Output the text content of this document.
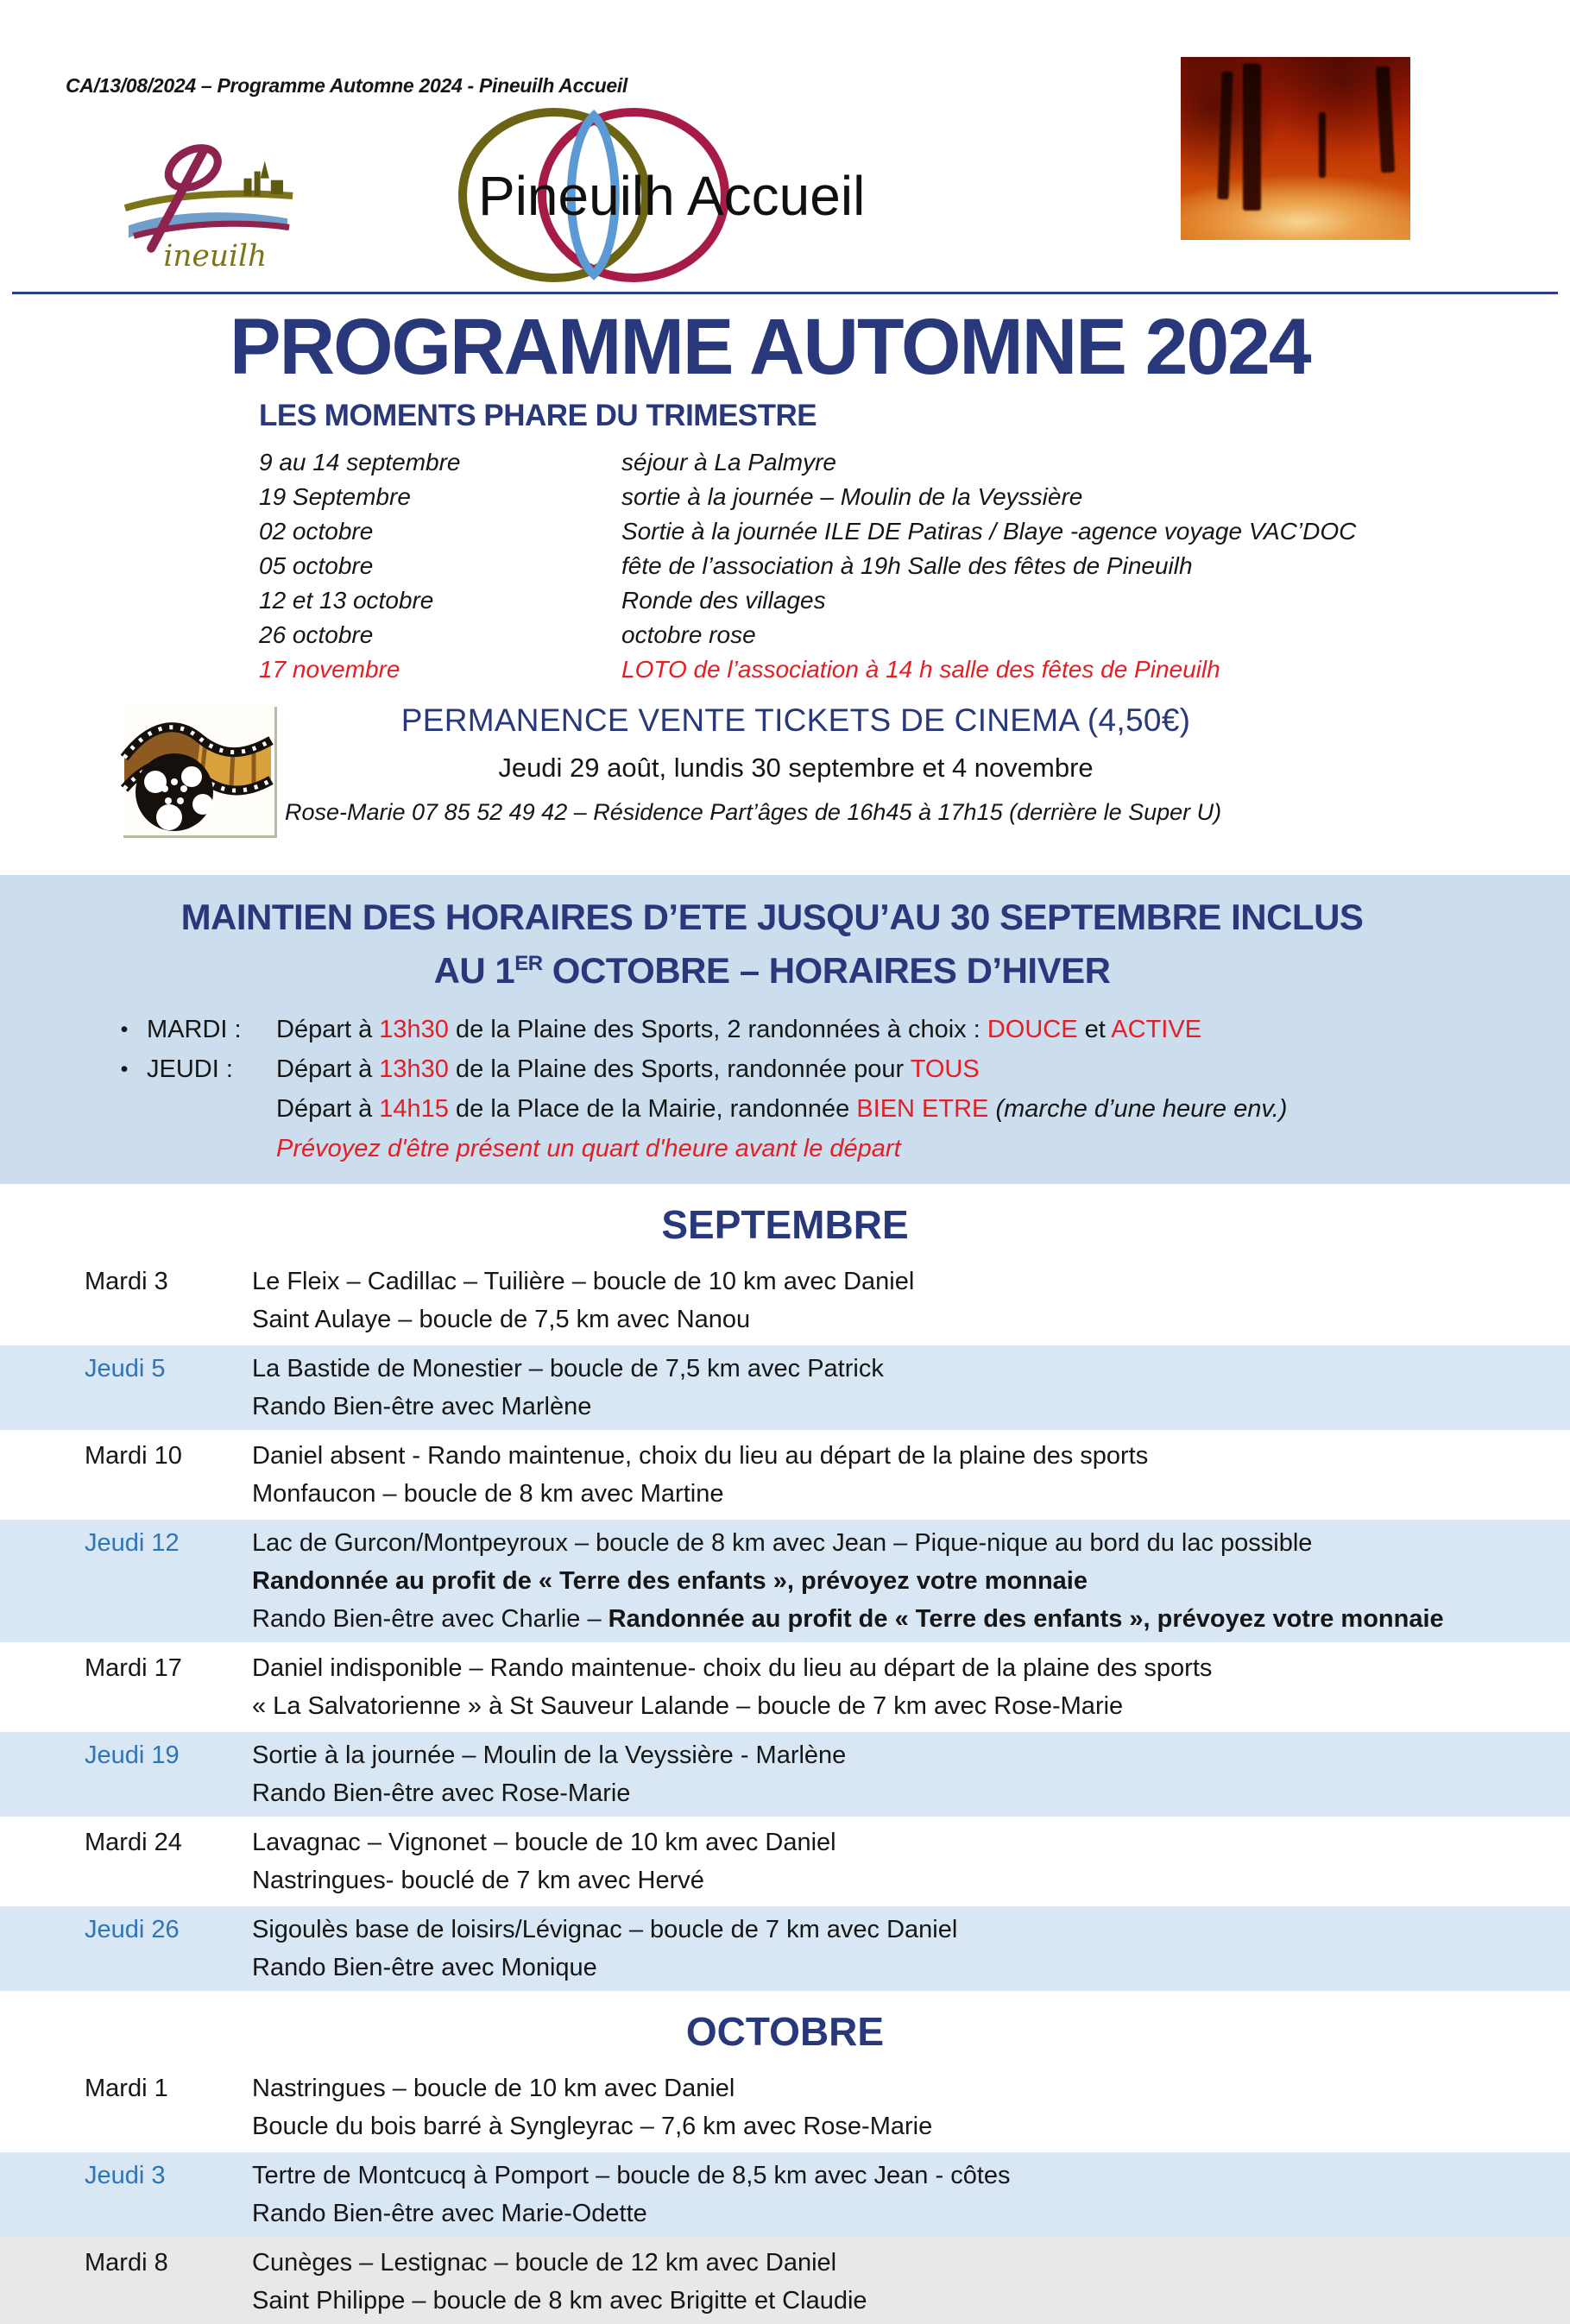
CA/13/08/2024 – Programme Automne 2024 - Pineuilh Accueil
ineuilh
Pineuilh Accueil
PROGRAMME AUTOMNE 2024
LES MOMENTS PHARE DU TRIMESTRE
9 au 14 septembre	séjour à La Palmyre
19 Septembre	sortie à la journée – Moulin de la Veyssière
02 octobre	Sortie à la journée ILE DE Patiras / Blaye -agence voyage VAC’DOC
05 octobre	fête de l’association à 19h Salle des fêtes de Pineuilh
12 et 13 octobre	Ronde des villages
26 octobre	octobre rose
17 novembre	LOTO de l’association à 14 h salle des fêtes de Pineuilh
PERMANENCE VENTE TICKETS DE CINEMA (4,50€)
Jeudi 29 août, lundis 30 septembre et 4 novembre
Rose-Marie 07 85 52 49 42 – Résidence Part’âges de 16h45 à 17h15 (derrière le Super U)
MAINTIEN DES HORAIRES D’ETE JUSQU’AU 30 SEPTEMBRE INCLUS
AU 1ER OCTOBRE – HORAIRES D’HIVER
• MARDI :	Départ à 13h30 de la Plaine des Sports, 2 randonnées à choix : DOUCE et ACTIVE
• JEUDI :	Départ à 13h30 de la Plaine des Sports, randonnée pour TOUS
Départ à 14h15 de la Place de la Mairie, randonnée BIEN ETRE (marche d’une heure env.)
Prévoyez d'être présent un quart d'heure avant le départ
SEPTEMBRE
Mardi 3	Le Fleix – Cadillac – Tuilière – boucle de 10 km avec Daniel
Saint Aulaye – boucle de 7,5 km avec Nanou
Jeudi 5	La Bastide de Monestier – boucle de 7,5 km avec Patrick
Rando Bien-être avec Marlène
Mardi 10	Daniel absent - Rando maintenue, choix du lieu au départ de la plaine des sports
Monfaucon – boucle de 8 km avec Martine
Jeudi 12	Lac de Gurcon/Montpeyroux – boucle de 8 km avec Jean – Pique-nique au bord du lac possible
Randonnée au profit de « Terre des enfants », prévoyez votre monnaie
Rando Bien-être avec Charlie – Randonnée au profit de « Terre des enfants », prévoyez votre monnaie
Mardi 17	Daniel indisponible – Rando maintenue- choix du lieu au départ de la plaine des sports
« La Salvatorienne » à St Sauveur Lalande – boucle de 7 km avec Rose-Marie
Jeudi 19	Sortie à la journée – Moulin de la Veyssière - Marlène
Rando Bien-être avec Rose-Marie
Mardi 24	Lavagnac – Vignonet – boucle de 10 km avec Daniel
Nastringues- bouclé de 7 km avec Hervé
Jeudi 26	Sigoulès base de loisirs/Lévignac – boucle de 7 km avec Daniel
Rando Bien-être avec Monique
OCTOBRE
Mardi 1	Nastringues – boucle de 10 km avec Daniel
Boucle du bois barré à Syngleyrac – 7,6 km avec Rose-Marie
Jeudi 3	Tertre de Montcucq à Pomport – boucle de 8,5 km avec Jean - côtes
Rando Bien-être avec Marie-Odette
Mardi 8	Cunèges – Lestignac – boucle de 12 km avec Daniel
Saint Philippe – boucle de 8 km avec Brigitte et Claudie
